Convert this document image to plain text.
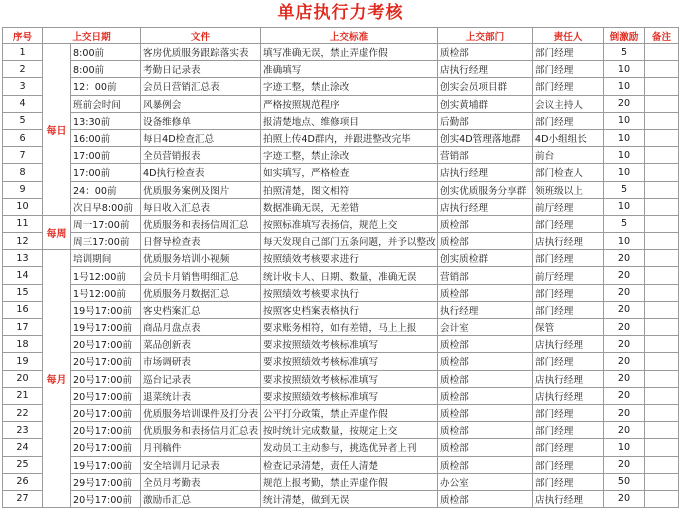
单店执行力考核
序号	上交日期		文件	上交标准	上交部门	责任人	倒激励	备注
1	每日	8:00前	客房优质服务跟踪落实表	填写准确无误，禁止弄虚作假	质检部	部门经理	5	
2		8:00前	考勤日记录表	准确填写	店执行经理	部门经理	10	
3		12：00前	会员日营销汇总表	字迹工整，禁止涂改	创实会员项目群	部门经理	10	
4		班前会时间	风暴例会	严格按照规范程序	创实黄埔群	会议主持人	20	
5		13:30前	设备维修单	报清楚地点、维修项目	后勤部	部门经理	10	
6		16:00前	每日4D检查汇总	拍照上传4D群内，并跟进整改完毕	创实4D管理落地群	4D小组组长	10	
7		17:00前	全员营销报表	字迹工整，禁止涂改	营销部	前台	10	
8		17:00前	4D执行检查表	如实填写，严格检查	店执行经理	部门检查人	10	
9		24：00前	优质服务案例及图片	拍照清楚，图文相符	创实优质服务分享群	领班级以上	5	
10		次日早8:00前	每日收入汇总表	数据准确无误，无差错	店执行经理	前厅经理	10	
11	每周	周一17:00前	优质服务和表扬信周汇总	按照标准填写表扬信，规范上交	质检部	部门经理	5	
12		周三17:00前	日督导检查表	每天发现自己部门五条问题，并予以整改	质检部	店执行经理	10	
13	每月	培训期间	优质服务培训小视频	按照绩效考核要求进行	创实质检群	部门经理	20	
14		1号12:00前	会员卡月销售明细汇总	统计收卡人、日期、数量，准确无误	营销部	前厅经理	20	
15		1号12:00前	优质服务月数据汇总	按照绩效考核要求执行	质检部	部门经理	20	
16		19号17:00前	客史档案汇总	按照客史档案表格执行	执行经理	部门经理	20	
17		19号17:00前	商品月盘点表	要求账务相符，如有差错，马上上报	会计室	保管	20	
18		20号17:00前	菜品创新表	要求按照绩效考核标准填写	质检部	店执行经理	20	
19		20号17:00前	市场调研表	要求按照绩效考核标准填写	质检部	部门经理	20	
20		20号17:00前	巡台记录表	要求按照绩效考核标准填写	质检部	店执行经理	20	
21		20号17:00前	退菜统计表	要求按照绩效考核标准填写	质检部	店执行经理	20	
22		20号17:00前	优质服务培训课件及打分表	公平打分政策，禁止弄虚作假	质检部	部门经理	20	
23		20号17:00前	优质服务和表扬信月汇总表	按时统计完成数量，按规定上交	质检部	部门经理	20	
24		20号17:00前	月刊稿件	发动员工主动参与，挑选优异者上刊	质检部	部门经理	10	
25		19号17:00前	安全培训月记录表	检查记录清楚，责任人清楚	质检部	部门经理	20	
26		29号17:00前	全员月考勤表	规范上报考勤，禁止弄虚作假	办公室	部门经理	50	
27		20号17:00前	激励币汇总	统计清楚，做到无误	质检部	店执行经理	20	
